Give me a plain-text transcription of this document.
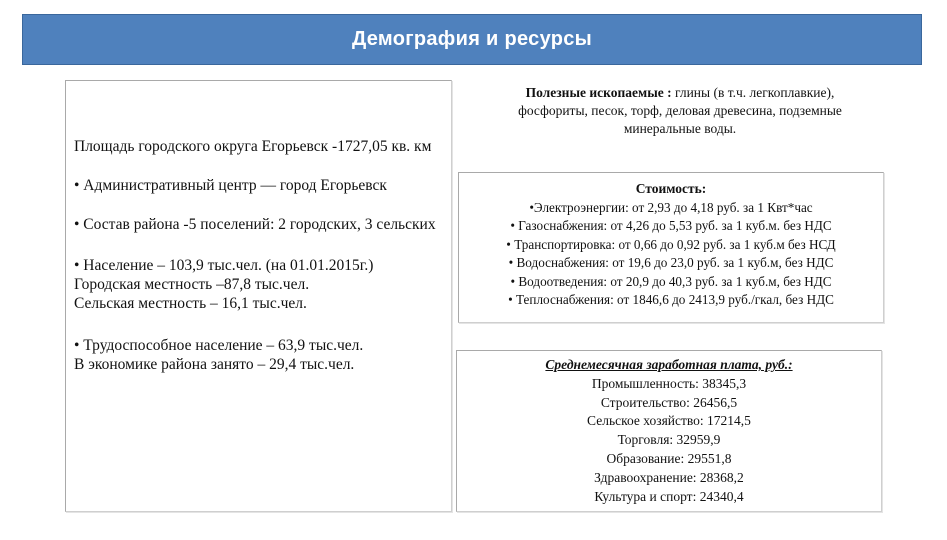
Демография и ресурсы

Площадь городского округа Егорьевск -1727,05 кв. км

• Административный центр — город Егорьевск

• Состав района -5 поселений: 2 городских, 3 сельских

• Население – 103,9 тыс.чел. (на 01.01.2015г.)
Городская местность –87,8 тыс.чел.
Сельская местность – 16,1 тыс.чел.

• Трудоспособное население – 63,9 тыс.чел.
В экономике района занято – 29,4 тыс.чел.

Полезные ископаемые : глины (в т.ч. легкоплавкие),
фосфориты, песок, торф, деловая древесина, подземные
минеральные воды.
Стоимость:
•Электроэнергии: от 2,93 до 4,18 руб. за 1 Квт*час
• Газоснабжения: от 4,26 до 5,53 руб. за 1 куб.м. без НДС
• Транспортировка: от 0,66 до 0,92 руб. за 1 куб.м без НСД
• Водоснабжения: от 19,6 до 23,0 руб. за 1 куб.м, без НДС
• Водоотведения: от 20,9 до 40,3 руб. за 1 куб.м, без НДС
• Теплоснабжения: от 1846,6 до 2413,9 руб./гкал, без НДС
Среднемесячная заработная плата, руб.:
Промышленность: 38345,3
Строительство: 26456,5
Сельское хозяйство: 17214,5
Торговля: 32959,9
Образование: 29551,8
Здравоохранение: 28368,2
Культура и спорт: 24340,4
